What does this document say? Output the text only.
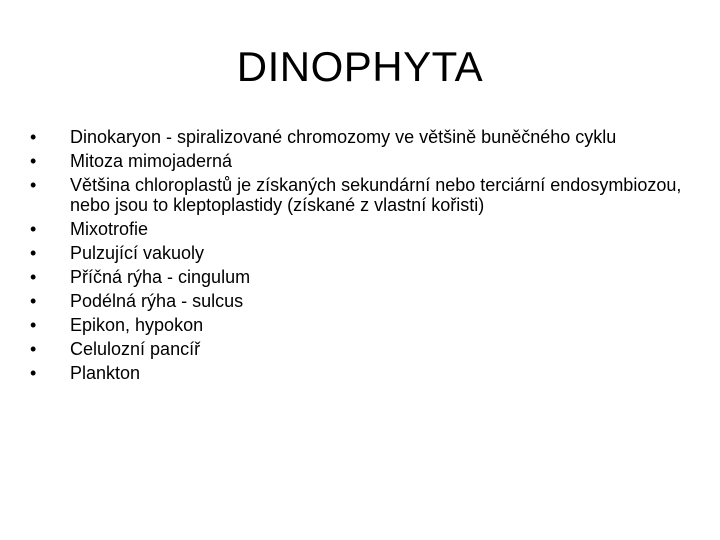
DINOPHYTA
•	Dinokaryon - spiralizované chromozomy ve většině buněčného cyklu
•	Mitoza mimojaderná
•	Většina chloroplastů je získaných sekundární nebo terciární endosymbiozou, nebo jsou to kleptoplastidy (získané z vlastní kořisti)
•	Mixotrofie
•	Pulzující vakuoly
•	Příčná rýha - cingulum
•	Podélná rýha - sulcus
•	Epikon, hypokon
•	Celulozní pancíř
•	Plankton
